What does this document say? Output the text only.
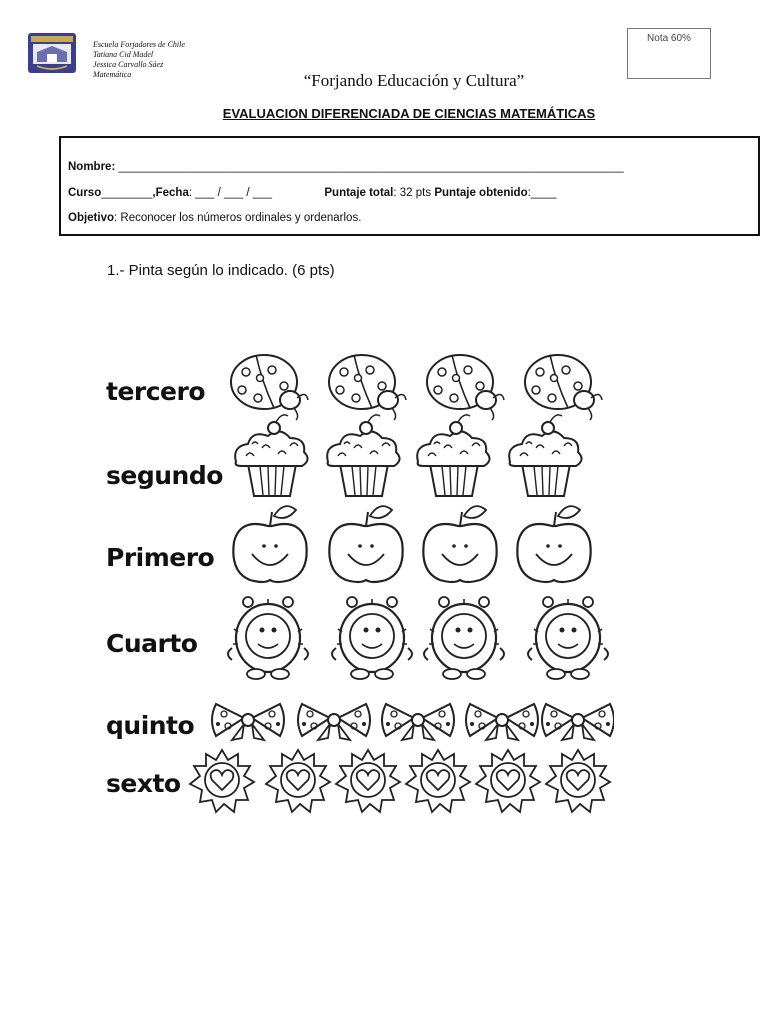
Escuela Forjadores de Chile
Tatiana Cid Madel
Jessica Carvallo Sáez
Matemática
Nota 60%
“Forjando Educación y Cultura”
EVALUACION DIFERENCIADA DE CIENCIAS MATEMÁTICAS
Nombre: _______________________________________________________________________________
Curso________,Fecha: ___ / ___ / ___	Puntaje total: 32 pts Puntaje obtenido:____
Objetivo: Reconocer los números ordinales y ordenarlos.
1.- Pinta según lo indicado. (6 pts)
tercero
segundo
Primero
Cuarto
quinto
sexto
